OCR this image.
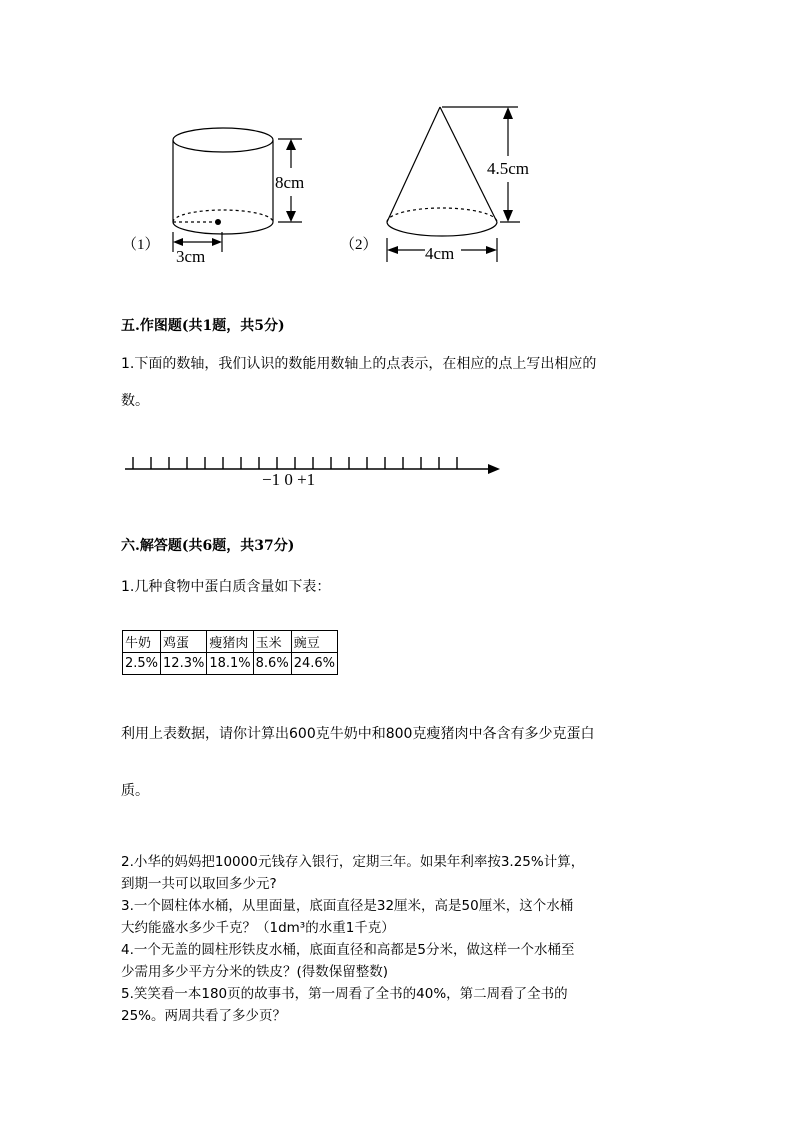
（1）
8cm
3cm
（2）
4.5cm
4cm
五.作图题(共1题，共5分)
1.下面的数轴，我们认识的数能用数轴上的点表示，在相应的点上写出相应的
数。
−1 0 +1
六.解答题(共6题，共37分)
1.几种食物中蛋白质含量如下表：
牛奶	鸡蛋	瘦猪肉	玉米	豌豆
2.5%	12.3%	18.1%	8.6%	24.6%
利用上表数据，请你计算出600克牛奶中和800克瘦猪肉中各含有多少克蛋白
质。
2.小华的妈妈把10000元钱存入银行，定期三年。如果年利率按3.25%计算，
到期一共可以取回多少元?
3.一个圆柱体水桶，从里面量，底面直径是32厘米，高是50厘米，这个水桶
大约能盛水多少千克？（1dm³的水重1千克）
4.一个无盖的圆柱形铁皮水桶，底面直径和高都是5分米，做这样一个水桶至
少需用多少平方分米的铁皮？(得数保留整数)
5.笑笑看一本180页的故事书，第一周看了全书的40%，第二周看了全书的
25%。两周共看了多少页？
